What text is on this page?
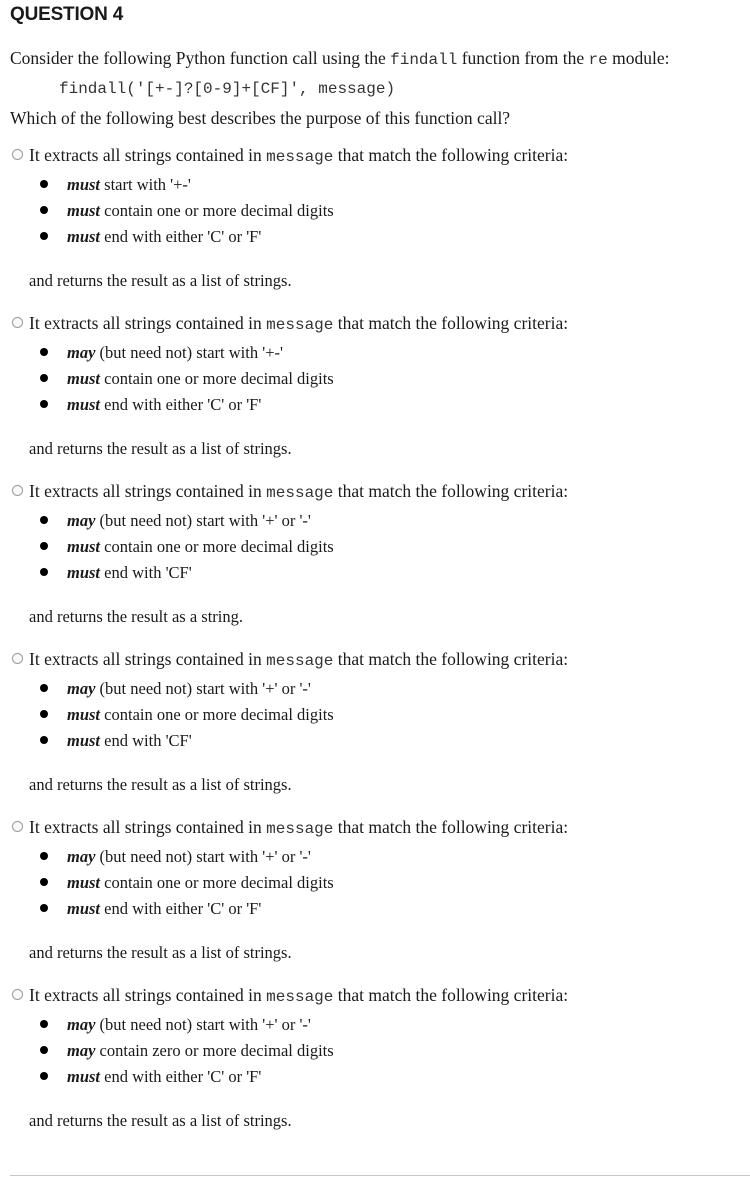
QUESTION 4
Consider the following Python function call using the findall function from the re module:
findall('[+-]?[0-9]+[CF]', message)
Which of the following best describes the purpose of this function call?
It extracts all strings contained in message that match the following criteria:
must start with '+-'
must contain one or more decimal digits
must end with either 'C' or 'F'
and returns the result as a list of strings.
It extracts all strings contained in message that match the following criteria:
may (but need not) start with '+-'
must contain one or more decimal digits
must end with either 'C' or 'F'
and returns the result as a list of strings.
It extracts all strings contained in message that match the following criteria:
may (but need not) start with '+' or '-'
must contain one or more decimal digits
must end with 'CF'
and returns the result as a string.
It extracts all strings contained in message that match the following criteria:
may (but need not) start with '+' or '-'
must contain one or more decimal digits
must end with 'CF'
and returns the result as a list of strings.
It extracts all strings contained in message that match the following criteria:
may (but need not) start with '+' or '-'
must contain one or more decimal digits
must end with either 'C' or 'F'
and returns the result as a list of strings.
It extracts all strings contained in message that match the following criteria:
may (but need not) start with '+' or '-'
may contain zero or more decimal digits
must end with either 'C' or 'F'
and returns the result as a list of strings.
